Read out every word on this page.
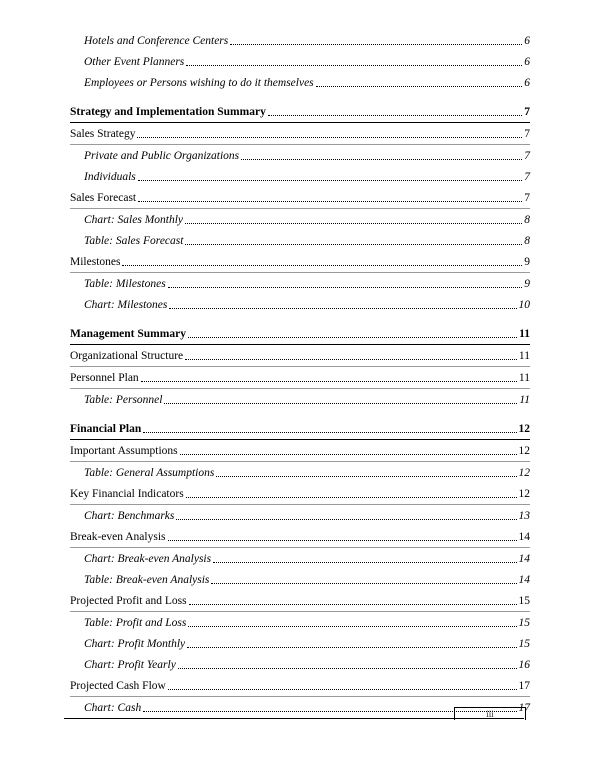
Hotels and Conference Centers	6
Other Event Planners	6
Employees or Persons wishing to do it themselves	6
Strategy and Implementation Summary	7
Sales Strategy	7
Private and Public Organizations	7
Individuals	7
Sales Forecast	7
Chart: Sales Monthly	8
Table: Sales Forecast	8
Milestones	9
Table: Milestones	9
Chart: Milestones	10
Management Summary	11
Organizational Structure	11
Personnel Plan	11
Table: Personnel	11
Financial Plan	12
Important Assumptions	12
Table: General Assumptions	12
Key Financial Indicators	12
Chart: Benchmarks	13
Break-even Analysis	14
Chart: Break-even Analysis	14
Table: Break-even Analysis	14
Projected Profit and Loss	15
Table: Profit and Loss	15
Chart: Profit Monthly	15
Chart: Profit Yearly	16
Projected Cash Flow	17
Chart: Cash	17
iii
